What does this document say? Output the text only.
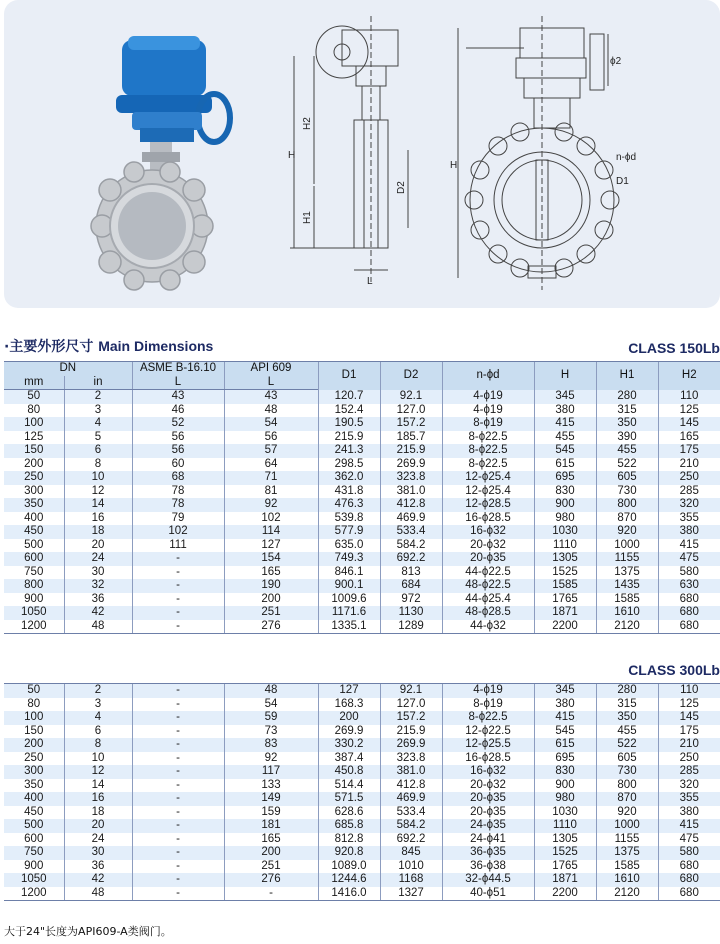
H
H2
H1
D2
L
H
n-ϕd
D1
ϕ2
·主要外形尺寸 Main Dimensions	CLASS 150Lb
DN		ASME B-16.10	API 609	D1	D2	n-ϕd	H	H1	H2
mm	in	L	L						
50	2	43	43	120.7	92.1	4-ϕ19	345	280	110
80	3	46	48	152.4	127.0	4-ϕ19	380	315	125
100	4	52	54	190.5	157.2	8-ϕ19	415	350	145
125	5	56	56	215.9	185.7	8-ϕ22.5	455	390	165
150	6	56	57	241.3	215.9	8-ϕ22.5	545	455	175
200	8	60	64	298.5	269.9	8-ϕ22.5	615	522	210
250	10	68	71	362.0	323.8	12-ϕ25.4	695	605	250
300	12	78	81	431.8	381.0	12-ϕ25.4	830	730	285
350	14	78	92	476.3	412.8	12-ϕ28.5	900	800	320
400	16	79	102	539.8	469.9	16-ϕ28.5	980	870	355
450	18	102	114	577.9	533.4	16-ϕ32	1030	920	380
500	20	111	127	635.0	584.2	20-ϕ32	1110	1000	415
600	24	-	154	749.3	692.2	20-ϕ35	1305	1155	475
750	30	-	165	846.1	813	44-ϕ22.5	1525	1375	580
800	32	-	190	900.1	684	48-ϕ22.5	1585	1435	630
900	36	-	200	1009.6	972	44-ϕ25.4	1765	1585	680
1050	42	-	251	1171.6	1130	48-ϕ28.5	1871	1610	680
1200	48	-	276	1335.1	1289	44-ϕ32	2200	2120	680
CLASS 300Lb
50	2	-	48	127	92.1	4-ϕ19	345	280	110
80	3	-	54	168.3	127.0	8-ϕ19	380	315	125
100	4	-	59	200	157.2	8-ϕ22.5	415	350	145
150	6	-	73	269.9	215.9	12-ϕ22.5	545	455	175
200	8	-	83	330.2	269.9	12-ϕ25.5	615	522	210
250	10	-	92	387.4	323.8	16-ϕ28.5	695	605	250
300	12	-	117	450.8	381.0	16-ϕ32	830	730	285
350	14	-	133	514.4	412.8	20-ϕ32	900	800	320
400	16	-	149	571.5	469.9	20-ϕ35	980	870	355
450	18	-	159	628.6	533.4	20-ϕ35	1030	920	380
500	20	-	181	685.8	584.2	24-ϕ35	1110	1000	415
600	24	-	165	812.8	692.2	24-ϕ41	1305	1155	475
750	30	-	200	920.8	845	36-ϕ35	1525	1375	580
900	36	-	251	1089.0	1010	36-ϕ38	1765	1585	680
1050	42	-	276	1244.6	1168	32-ϕ44.5	1871	1610	680
1200	48	-	-	1416.0	1327	40-ϕ51	2200	2120	680
大于24"长度为API609-A类阀门。
